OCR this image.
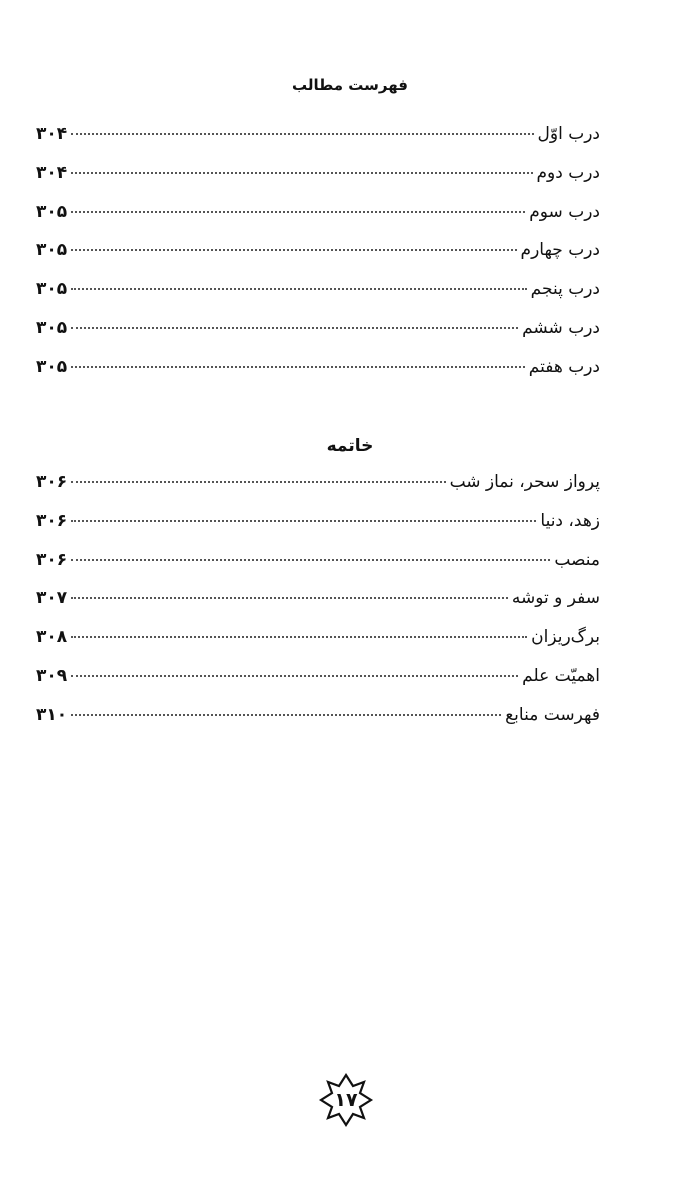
فهرست مطالب
درب اوّل
۳۰۴
درب دوم
۳۰۴
درب سوم
۳۰۵
درب چهارم
۳۰۵
درب پنجم
۳۰۵
درب ششم
۳۰۵
درب هفتم
۳۰۵
خاتمه
پرواز سحر، نماز شب
۳۰۶
زهد، دنیا
۳۰۶
منصب
۳۰۶
سفر و توشه
۳۰۷
برگ‌ریزان
۳۰۸
اهمیّت علم
۳۰۹
فهرست منابع
۳۱۰
۱۷
